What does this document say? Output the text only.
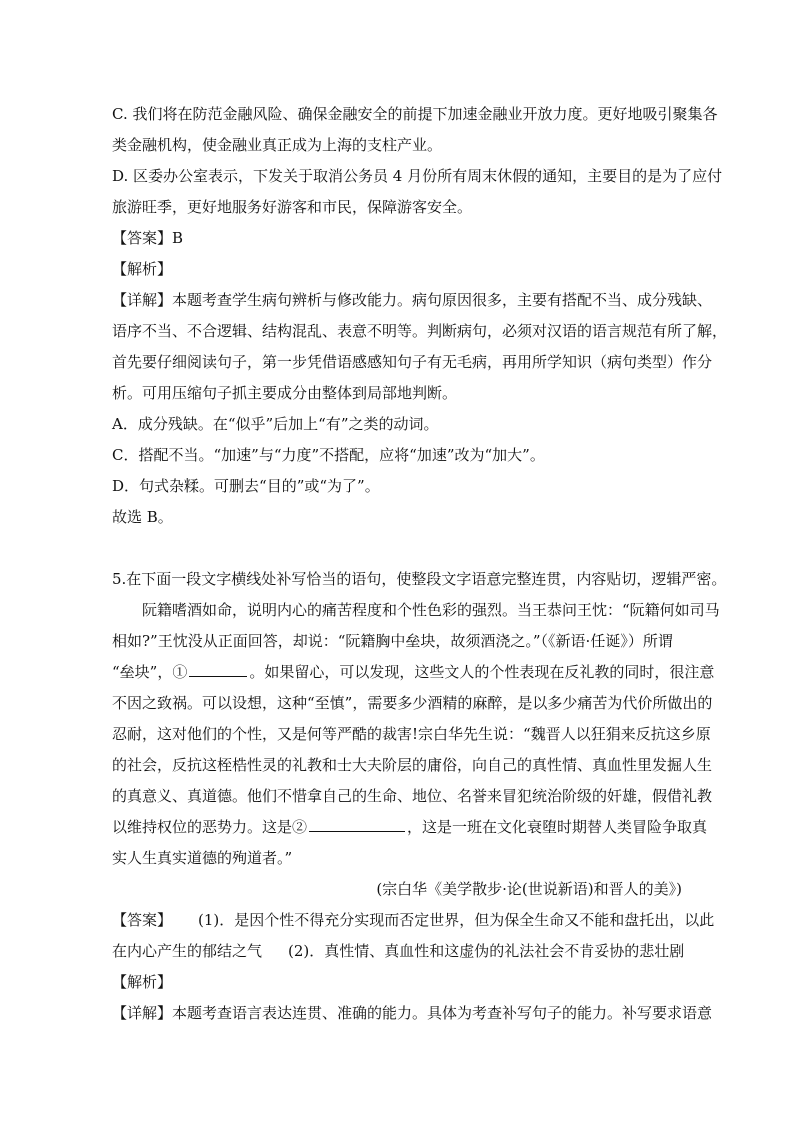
C. 我们将在防范金融风险、确保金融安全的前提下加速金融业开放力度。更好地吸引聚集各
类金融机构，使金融业真正成为上海的支柱产业。
D. 区委办公室表示，下发关于取消公务员 4 月份所有周末休假的通知，主要目的是为了应付
旅游旺季，更好地服务好游客和市民，保障游客安全。
【答案】B
【解析】
【详解】本题考查学生病句辨析与修改能力。病句原因很多，主要有搭配不当、成分残缺、
语序不当、不合逻辑、结构混乱、表意不明等。判断病句，必须对汉语的语言规范有所了解，
首先要仔细阅读句子，第一步凭借语感感知句子有无毛病，再用所学知识（病句类型）作分
析。可用压缩句子抓主要成分由整体到局部地判断。
A．成分残缺。在“似乎”后加上“有”之类的动词。
C．搭配不当。“加速”与“力度”不搭配，应将“加速”改为“加大”。
D．句式杂糅。可删去“目的”或“为了”。
故选 B。
5.在下面一段文字横线处补写恰当的语句，使整段文字语意完整连贯，内容贴切，逻辑严密。
阮籍嗜酒如命，说明内心的痛苦程度和个性色彩的强烈。当王恭问王忱：“阮籍何如司马
相如?”王忱没从正面回答，却说：“阮籍胸中垒块，故须酒浇之。”（《新语·任诞》）所谓
“垒块”，①	。如果留心，可以发现，这些文人的个性表现在反礼教的同时，很注意
不因之致祸。可以设想，这种“至慎”，需要多少酒精的麻醉，是以多少痛苦为代价所做出的
忍耐，这对他们的个性，又是何等严酷的裁害!宗白华先生说：“魏晋人以狂狷来反抗这乡原
的社会，反抗这桎梏性灵的礼教和士大夫阶层的庸俗，向自己的真性情、真血性里发掘人生
的真意义、真道德。他们不惜拿自己的生命、地位、名誉来冒犯统治阶级的奸雄，假借礼教
以维持权位的恶势力。这是②	，这是一班在文化衰堕时期替人类冒险争取真
实人生真实道德的殉道者。”
(宗白华《美学散步·论(世说新语)和晋人的美》)
【答案】 (1)．是因个性不得充分实现而否定世界，但为保全生命又不能和盘托出，以此
在内心产生的郁结之气 (2)．真性情、真血性和这虚伪的礼法社会不肯妥协的悲壮剧
【解析】
【详解】本题考查语言表达连贯、准确的能力。具体为考查补写句子的能力。补写要求语意
